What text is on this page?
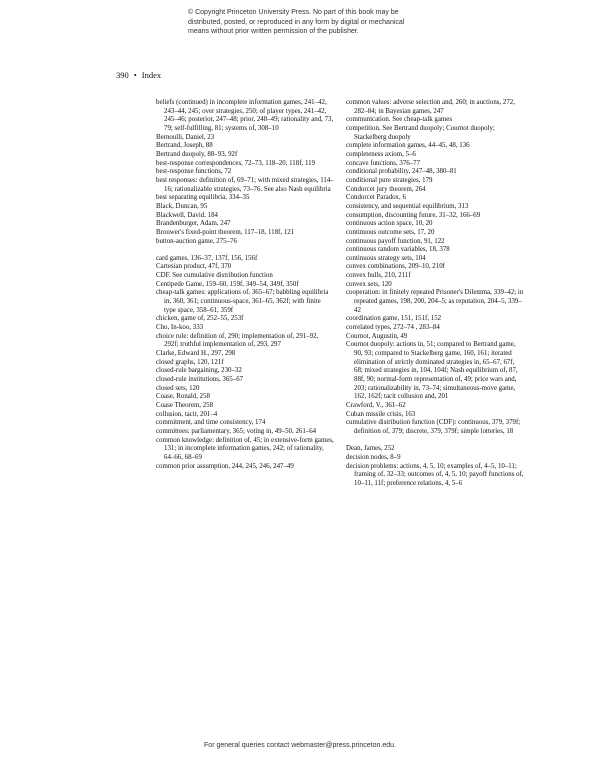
© Copyright Princeton University Press. No part of this book may be
distributed, posted, or reproduced in any form by digital or mechanical
means without prior written permission of the publisher.
390 • Index
beliefs (continued) in incomplete information games, 241–42, 243–44, 245; over strategies, 250; of player types, 241–42, 245–46; posterior, 247–48; prior, 248–49; rationality and, 73, 79; self-fulfilling, 81; systems of, 308–10
Bernoulli, Daniel, 23
Bertrand, Joseph, 88
Bertrand duopoly, 88–93, 92f
best-response correspondences, 72–73, 118–20, 118f, 119
best-response functions, 72
best responses: definition of, 69–71; with mixed strategies, 114–16; rationalizable strategies, 73–76. See also Nash equilibria
best separating equilibria, 334–35
Black, Duncan, 95
Blackwell, David, 184
Brandenburger, Adam, 247
Brouwer's fixed-point theorem, 117–18, 118f, 121
button-auction game, 275–76
card games, 136–37, 137f, 156, 156f
Cartesian product, 47f, 370
CDF. See cumulative distribution function
Centipede Game, 159–60, 159f, 349–54, 349f, 350f
cheap-talk games: applications of, 365–67; babbling equilibria in, 360, 361; continuous-space, 361–65, 362f; with finite type space, 358–61, 359f
chicken, game of, 252–55, 253f
Cho, In-koo, 333
choice rule: definition of, 290; implementation of, 291–92, 292f; truthful implementation of, 293, 297
Clarke, Edward H., 297, 298
closed graphs, 120, 121f
closed-rule bargaining, 230–32
closed-rule institutions, 365–67
closed sets, 120
Coase, Ronald, 258
Coase Theorem, 258
collusion, tacit, 201–4
commitment, and time consistency, 174
committees: parliamentary, 365; voting in, 49–50, 261–64
common knowledge: definition of, 45; in extensive-form games, 131; in incomplete information games, 242; of rationality, 64–66, 68–69
common prior assumption, 244, 245, 246, 247–49
common values: adverse selection and, 260; in auctions, 272, 282–84; in Bayesian games, 247
communication. See cheap-talk games
competition. See Bertrand duopoly; Cournot duopoly; Stackelberg duopoly
complete information games, 44–45, 48, 136
completeness axiom, 5–6
concave functions, 376–77
conditional probability, 247–48, 380–81
conditional pure strategies, 179
Condorcet jury theorem, 264
Condorcet Paradox, 6
consistency, and sequential equilibrium, 313
consumption, discounting future, 31–32, 166–69
continuous action space, 10, 20
continuous outcome sets, 17, 20
continuous payoff function, 91, 122
continuous random variables, 18, 378
continuous strategy sets, 104
convex combinations, 209–10, 210f
convex hulls, 210, 211f
convex sets, 120
cooperation: in finitely repeated Prisoner's Dilemma, 339–42; in repeated games, 198, 200, 204–5; as reputation, 204–5, 339–42
coordination game, 151, 151f, 152
correlated types, 272–74 , 283–84
Cournot, Augustin, 49
Cournot duopoly: actions in, 51; compared to Bertrand game, 90, 93; compared to Stackelberg game, 160, 161; iterated elimination of strictly dominated strategies in, 65–67, 67f, 68; mixed strategies in, 104, 104f; Nash equilibrium of, 87, 88f, 90; normal-form representation of, 49; price wars and, 203; rationalizability in, 73–74; simultaneous-move game, 162, 162f; tacit collusion and, 201
Crawford, V., 361–62
Cuban missile crisis, 163
cumulative distribution function (CDF): continuous, 379, 379f; definition of, 379; discrete, 379, 379f; simple lotteries, 18
Dean, James, 252
decision nodes, 8–9
decision problems: actions, 4, 5, 10; examples of, 4–5, 10–11; framing of, 32–33; outcomes of, 4, 5, 10; payoff functions of, 10–11, 11f; preference relations, 4, 5–6
For general queries contact webmaster@press.princeton.edu.
